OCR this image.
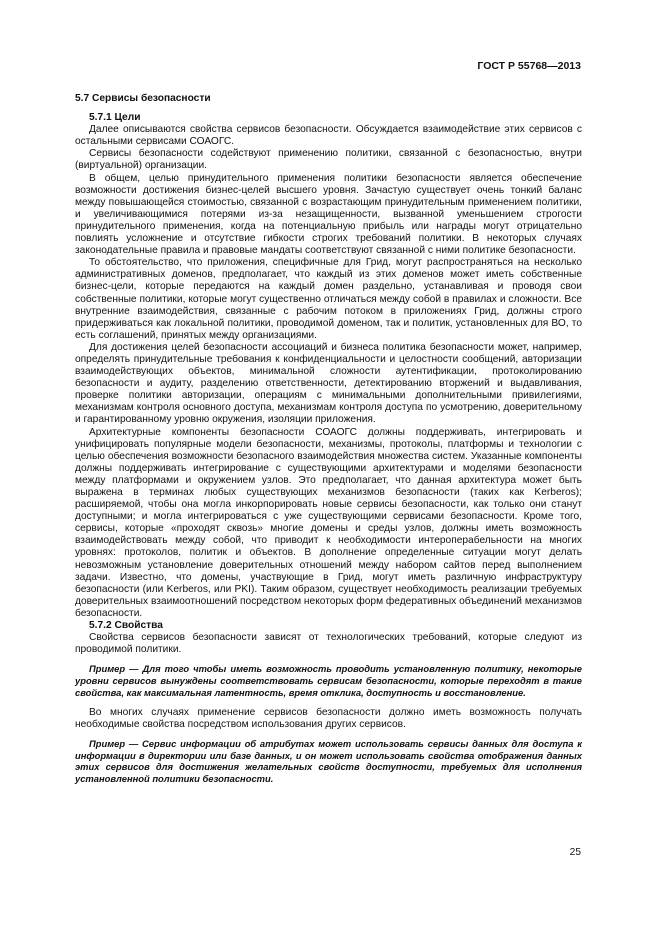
ГОСТ Р 55768—2013
5.7 Сервисы безопасности
5.7.1 Цели

Далее описываются свойства сервисов безопасности. Обсуждается взаимодействие этих сервисов с остальными сервисами СОАОГС.

Сервисы безопасности содействуют применению политики, связанной с безопасностью, внутри (виртуальной) организации.

В общем, целью принудительного применения политики безопасности является обеспечение возможности достижения бизнес-целей высшего уровня. Зачастую существует очень тонкий баланс между повышающейся стоимостью, связанной с возрастающим принудительным применением политики, и увеличивающимися потерями из-за незащищенности, вызванной уменьшением строгости принудительного применения, когда на потенциальную прибыль или награды могут отрицательно повлиять усложнение и отсутствие гибкости строгих требований политики. В некоторых случаях законодательные правила и правовые мандаты соответствуют связанной с ними политике безопасности.

То обстоятельство, что приложения, специфичные для Грид, могут распространяться на несколько административных доменов, предполагает, что каждый из этих доменов может иметь собственные бизнес-цели, которые передаются на каждый домен раздельно, устанавливая и проводя свои собственные политики, которые могут существенно отличаться между собой в правилах и сложности. Все внутренние взаимодействия, связанные с рабочим потоком в приложениях Грид, должны строго придерживаться как локальной политики, проводимой доменом, так и политик, установленных для ВО, то есть соглашений, принятых между организациями.

Для достижения целей безопасности ассоциаций и бизнеса политика безопасности может, например, определять принудительные требования к конфиденциальности и целостности сообщений, авторизации взаимодействующих объектов, минимальной сложности аутентификации, протоколированию безопасности и аудиту, разделению ответственности, детектированию вторжений и выдавливания, проверке политики авторизации, операциям с минимальными дополнительными привилегиями, механизмам контроля основного доступа, механизмам контроля доступа по усмотрению, доверительному и гарантированному уровню окружения, изоляции приложения.

Архитектурные компоненты безопасности СОАОГС должны поддерживать, интегрировать и унифицировать популярные модели безопасности, механизмы, протоколы, платформы и технологии с целью обеспечения возможности безопасного взаимодействия множества систем. Указанные компоненты должны поддерживать интегрирование с существующими архитектурами и моделями безопасности между платформами и окружением узлов. Это предполагает, что данная архитектура может быть выражена в терминах любых существующих механизмов безопасности (таких как Kerberos); расширяемой, чтобы она могла инкорпорировать новые сервисы безопасности, как только они станут доступными; и могла интегрироваться с уже существующими сервисами безопасности. Кроме того, сервисы, которые «проходят сквозь» многие домены и среды узлов, должны иметь возможность взаимодействовать между собой, что приводит к необходимости интероперабельности на многих уровнях: протоколов, политик и объектов. В дополнение определенные ситуации могут делать невозможным установление доверительных отношений между набором сайтов перед выполнением задачи. Известно, что домены, участвующие в Грид, могут иметь различную инфраструктуру безопасности (или Kerberos, или PKI). Таким образом, существует необходимость реализации требуемых доверительных взаимоотношений посредством некоторых форм федеративных объединений механизмов безопасности.

5.7.2 Свойства

Свойства сервисов безопасности зависят от технологических требований, которые следуют из проводимой политики.

Пример — Для того чтобы иметь возможность проводить установленную политику, некоторые уровни сервисов вынуждены соответствовать сервисам безопасности, которые переходят в такие свойства, как максимальная латентность, время отклика, доступность и восстановление.

Во многих случаях применение сервисов безопасности должно иметь возможность получать необходимые свойства посредством использования других сервисов.

Пример — Сервис информации об атрибутах может использовать сервисы данных для доступа к информации в директории или базе данных, и он может использовать свойства отображения данных этих сервисов для достижения желательных свойств доступности, требуемых для исполнения установленной политики безопасности.

25
